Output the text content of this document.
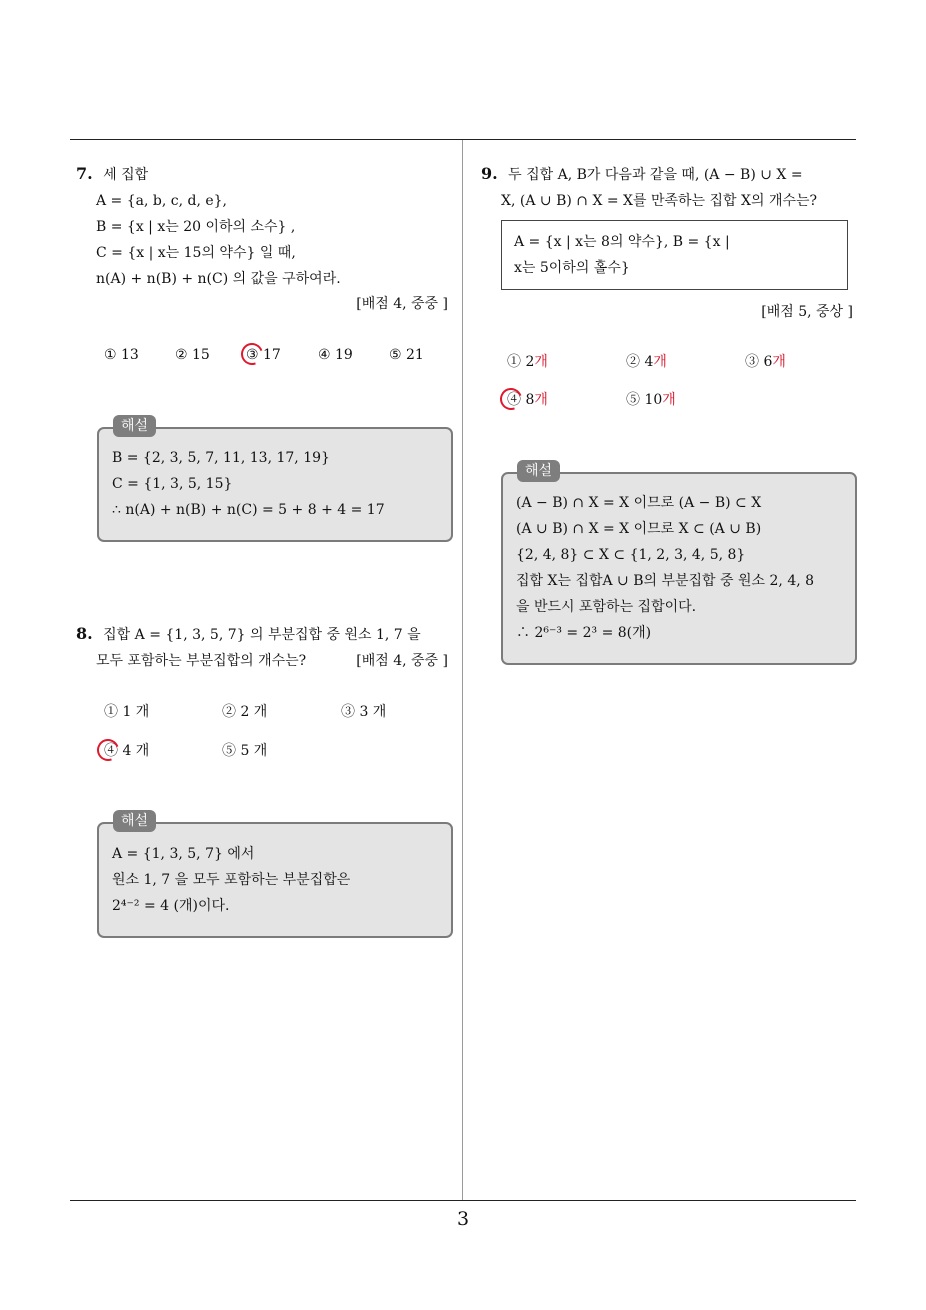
3
7. 세 집합
A = {a, b, c, d, e},
B = {x | x는 20 이하의 소수} ,
C = {x | x는 15의 약수} 일 때,
n(A) + n(B) + n(C) 의 값을 구하여라.
[배점 4, 중중 ]
① 13	② 15	③ 17	④ 19	⑤ 21
해설
B = {2, 3, 5, 7, 11, 13, 17, 19}
C = {1, 3, 5, 15}
∴ n(A) + n(B) + n(C) = 5 + 8 + 4 = 17
8. 집합 A = {1, 3, 5, 7} 의 부분집합 중 원소 1, 7 을
모두 포함하는 부분집합의 개수는?	[배점 4, 중중 ]
① 1 개	② 2 개	③ 3 개
④ 4 개	⑤ 5 개
해설
A = {1, 3, 5, 7} 에서
원소 1, 7 을 모두 포함하는 부분집합은
2⁴⁻² = 4 (개)이다.
9. 두 집합 A, B가 다음과 같을 때, (A − B) ∪ X =
X, (A ∪ B) ∩ X = X를 만족하는 집합 X의 개수는?
A = {x | x는 8의 약수}, B = {x |
x는 5이하의 홀수}
[배점 5, 중상 ]
① 2개	② 4개	③ 6개
④ 8개	⑤ 10개
해설
(A − B) ∩ X = X 이므로 (A − B) ⊂ X
(A ∪ B) ∩ X = X 이므로 X ⊂ (A ∪ B)
{2, 4, 8} ⊂ X ⊂ {1, 2, 3, 4, 5, 8}
집합 X는 집합A ∪ B의 부분집합 중 원소 2, 4, 8
을 반드시 포함하는 집합이다.
∴ 2⁶⁻³ = 2³ = 8(개)
